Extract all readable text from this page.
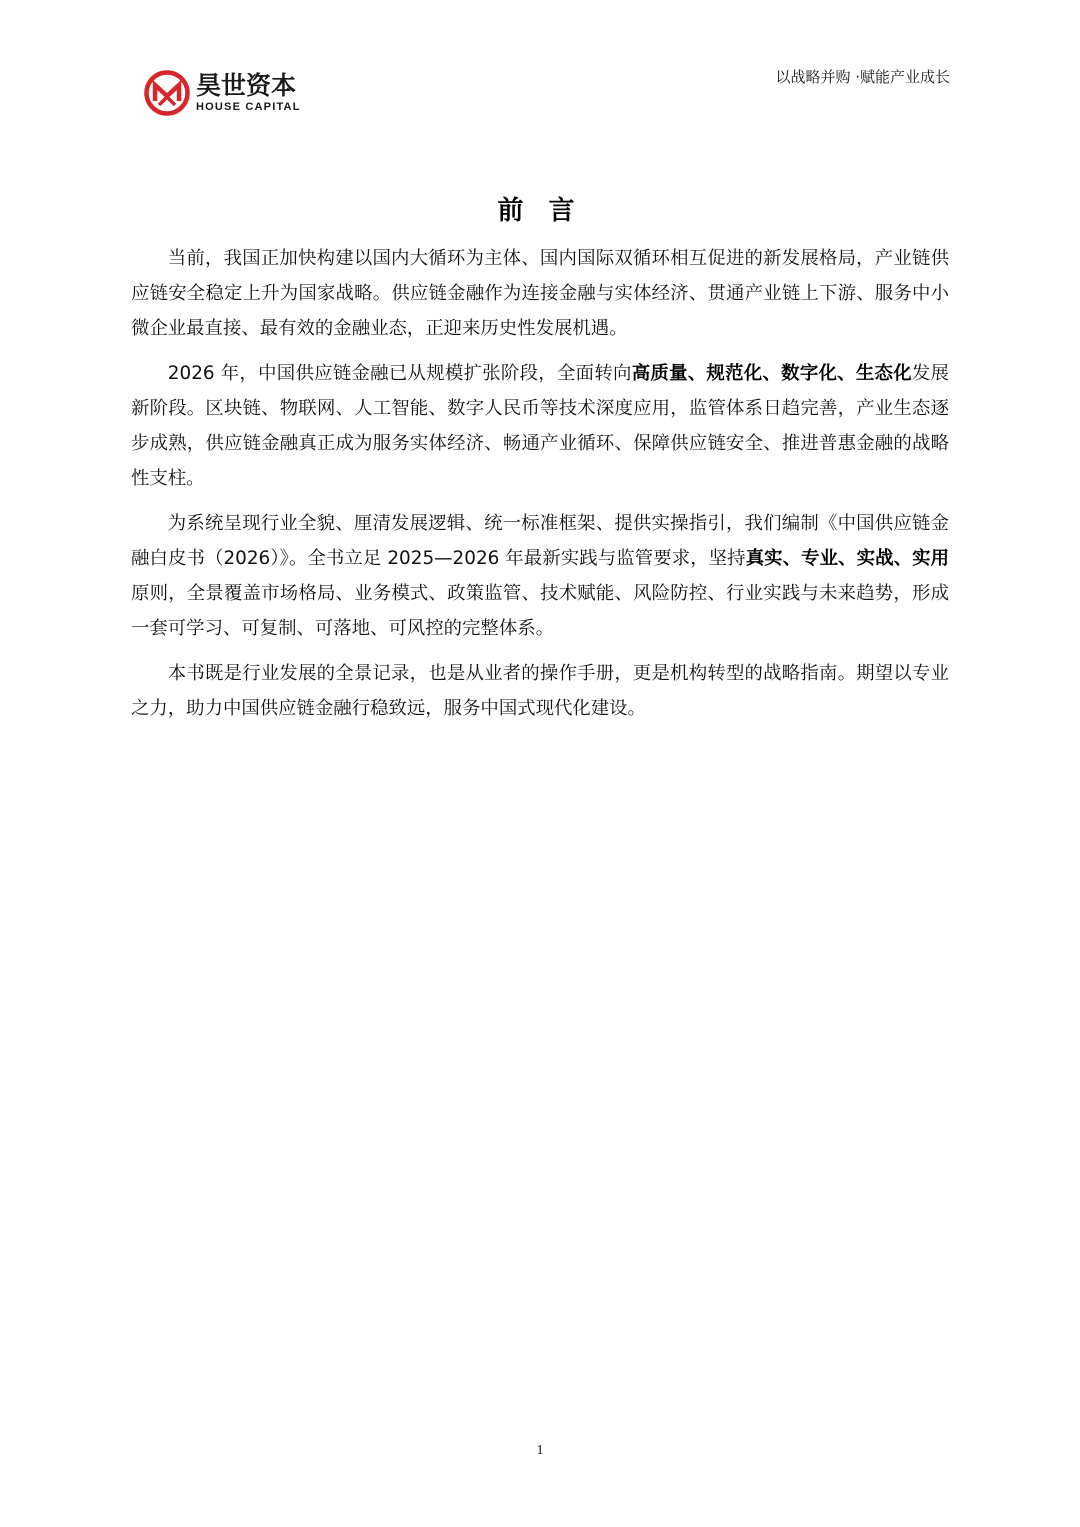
昊世资本
HOUSE CAPITAL
以战略并购 ·赋能产业成长
前 言

当前，我国正加快构建以国内大循环为主体、国内国际双循环相互促进的新发展格局，产业链供应链安全稳定上升为国家战略。供应链金融作为连接金融与实体经济、贯通产业链上下游、服务中小微企业最直接、最有效的金融业态，正迎来历史性发展机遇。

2026 年，中国供应链金融已从规模扩张阶段，全面转向高质量、规范化、数字化、生态化发展新阶段。区块链、物联网、人工智能、数字人民币等技术深度应用，监管体系日趋完善，产业生态逐步成熟，供应链金融真正成为服务实体经济、畅通产业循环、保障供应链安全、推进普惠金融的战略性支柱。

为系统呈现行业全貌、厘清发展逻辑、统一标准框架、提供实操指引，我们编制《中国供应链金融白皮书（2026）》。全书立足 2025—2026 年最新实践与监管要求，坚持真实、专业、实战、实用原则，全景覆盖市场格局、业务模式、政策监管、技术赋能、风险防控、行业实践与未来趋势，形成一套可学习、可复制、可落地、可风控的完整体系。

本书既是行业发展的全景记录，也是从业者的操作手册，更是机构转型的战略指南。期望以专业之力，助力中国供应链金融行稳致远，服务中国式现代化建设。

1
